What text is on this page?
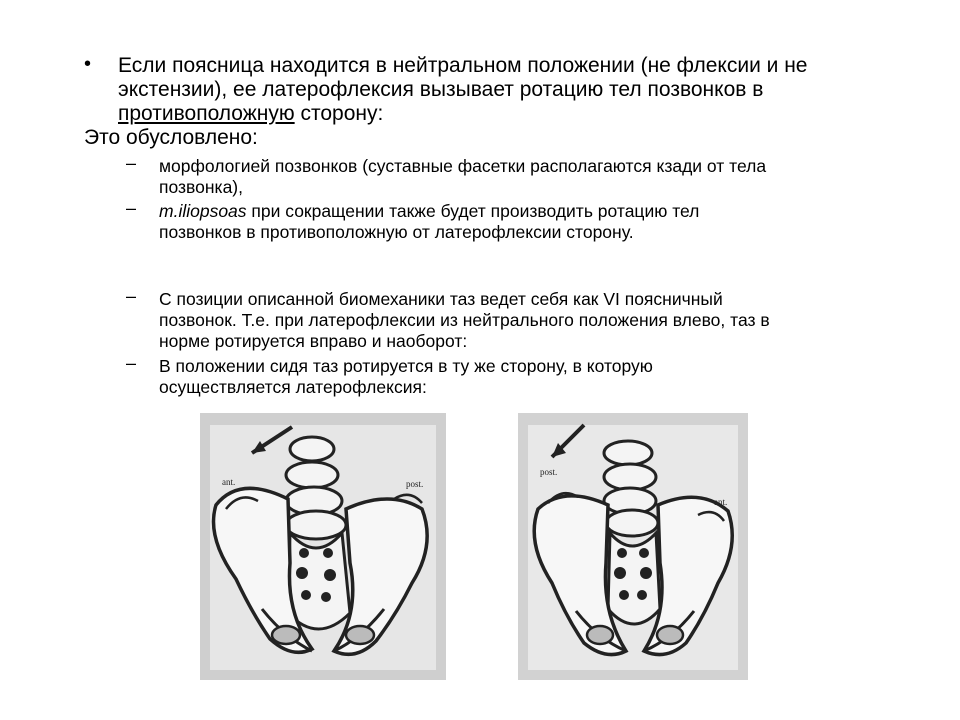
• Если поясница находится в нейтральном положении (не флексии и не
экстензии), ее латерофлексия вызывает ротацию тел позвонков в
противоположную сторону:
Это обусловлено:
– морфологией позвонков (суставные фасетки располагаются кзади от тела
позвонка),
– m.iliopsoas при сокращении также будет производить ротацию тел
позвонков в противоположную от латерофлексии сторону.
– С позиции описанной биомеханики таз ведет себя как VI поясничный
позвонок. Т.е. при латерофлексии из нейтрального положения влево, таз в
норме ротируется вправо и наоборот:
– В положении сидя таз ротируется в ту же сторону, в которую
осуществляется латерофлексия:
ant.	post.
post.
ant.
